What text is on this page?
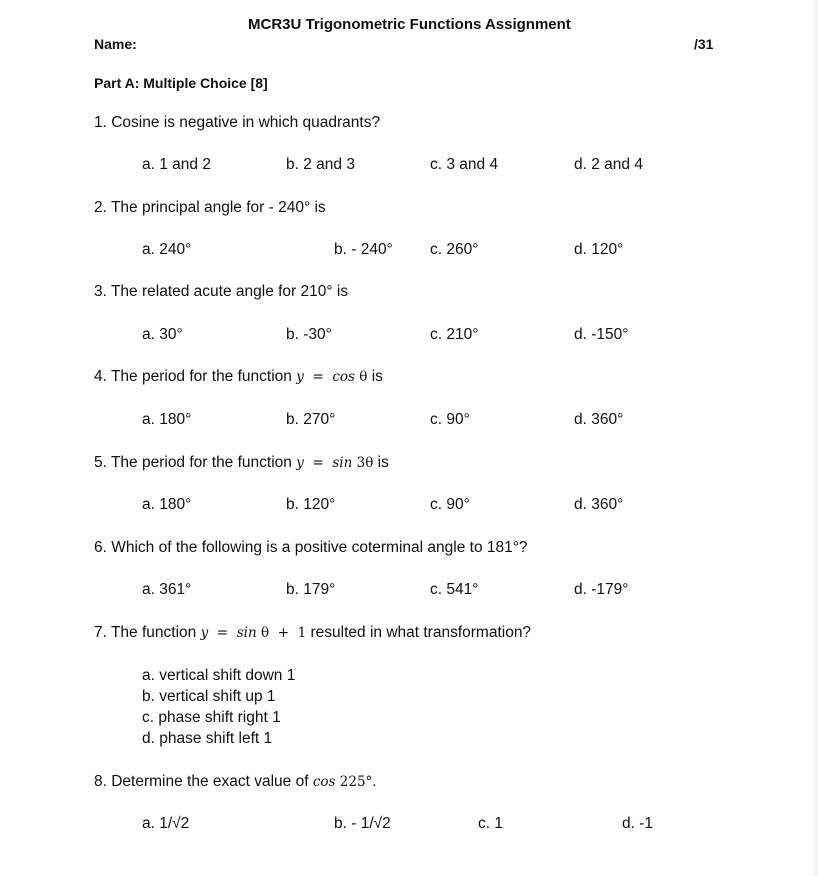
MCR3U Trigonometric Functions Assignment
Name:	/31
Part A: Multiple Choice [8]
1. Cosine is negative in which quadrants?
a. 1 and 2	b. 2 and 3	c. 3 and 4	d. 2 and 4
2. The principal angle for - 240° is
a. 240°	b. - 240° c. 260°	d. 120°
3. The related acute angle for 210° is
a. 30°	b. -30°	c. 210°	d. -150°
4. The period for the function y = cos θ is
a. 180°	b. 270°	c. 90°	d. 360°
5. The period for the function y = sin 3θ is
a. 180°	b. 120°	c. 90°	d. 360°
6. Which of the following is a positive coterminal angle to 181°?
a. 361°	b. 179°	c. 541°	d. -179°
7. The function y = sin θ + 1 resulted in what transformation?
a. vertical shift down 1
b. vertical shift up 1
c. phase shift right 1
d. phase shift left 1
8. Determine the exact value of cos 225°.
a. 1/√2	b. - 1/√2	c. 1	d. -1
